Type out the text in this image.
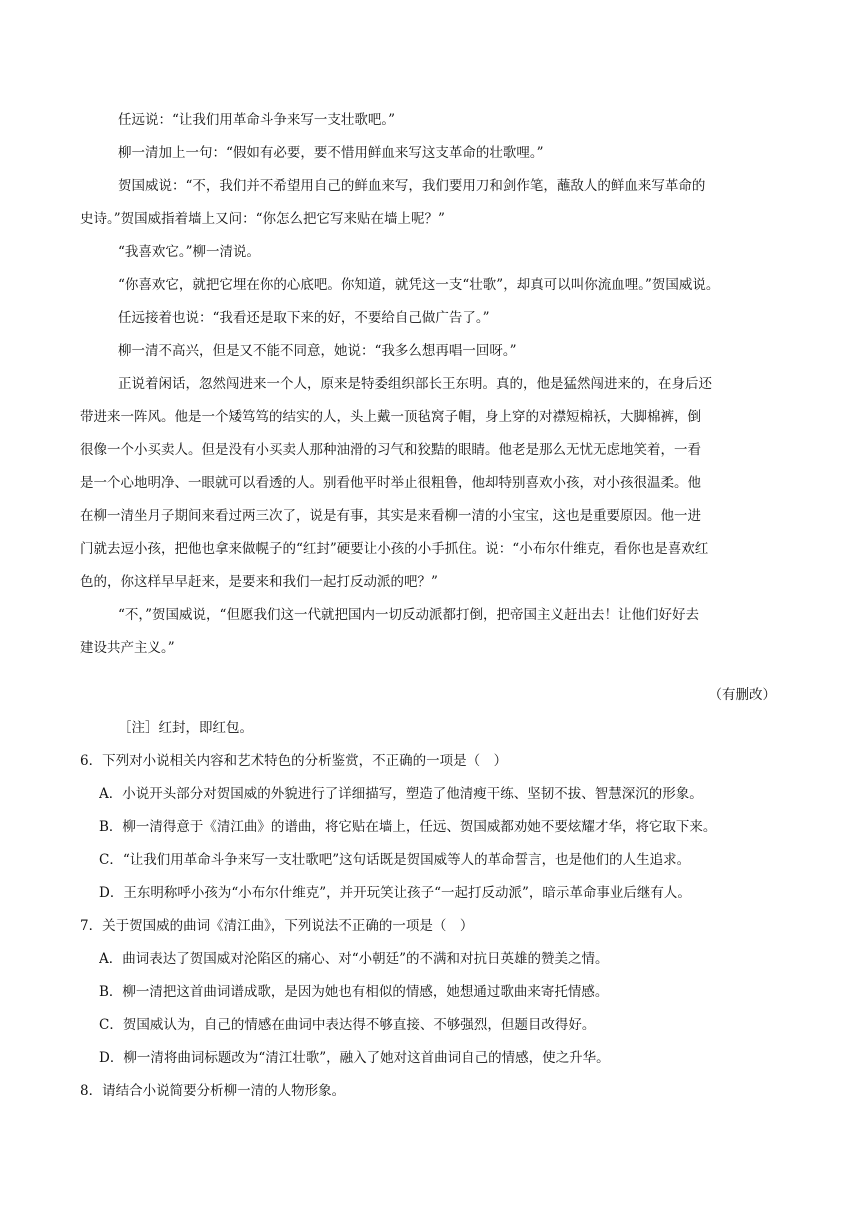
任远说：“让我们用革命斗争来写一支壮歌吧。”
柳一清加上一句：“假如有必要，要不惜用鲜血来写这支革命的壮歌哩。”
贺国威说：“不，我们并不希望用自己的鲜血来写，我们要用刀和剑作笔，蘸敌人的鲜血来写革命的
史诗。”贺国威指着墙上又问：“你怎么把它写来贴在墙上呢？”
“我喜欢它。”柳一清说。
“你喜欢它，就把它埋在你的心底吧。你知道，就凭这一支“壮歌”，却真可以叫你流血哩。”贺国威说。
任远接着也说：“我看还是取下来的好，不要给自己做广告了。”
柳一清不高兴，但是又不能不同意，她说：“我多么想再唱一回呀。”
正说着闲话，忽然闯进来一个人，原来是特委组织部长王东明。真的，他是猛然闯进来的，在身后还
带进来一阵风。他是一个矮笃笃的结实的人，头上戴一顶毡窝子帽，身上穿的对襟短棉袄，大脚棉裤，倒
很像一个小买卖人。但是没有小买卖人那种油滑的习气和狡黠的眼睛。他老是那么无忧无虑地笑着，一看
是一个心地明净、一眼就可以看透的人。别看他平时举止很粗鲁，他却特别喜欢小孩，对小孩很温柔。他
在柳一清坐月子期间来看过两三次了，说是有事，其实是来看柳一清的小宝宝，这也是重要原因。他一进
门就去逗小孩，把他也拿来做幌子的“红封”硬要让小孩的小手抓住。说：“小布尔什维克，看你也是喜欢红
色的，你这样早早赶来，是要来和我们一起打反动派的吧？”
“不，”贺国威说，“但愿我们这一代就把国内一切反动派都打倒，把帝国主义赶出去！让他们好好去
建设共产主义。”
（有删改）
［注］红封，即红包。
6．下列对小说相关内容和艺术特色的分析鉴赏，不正确的一项是（　）
A．小说开头部分对贺国威的外貌进行了详细描写，塑造了他清瘦干练、坚韧不拔、智慧深沉的形象。
B．柳一清得意于《清江曲》的谱曲，将它贴在墙上，任远、贺国威都劝她不要炫耀才华，将它取下来。
C．“让我们用革命斗争来写一支壮歌吧”这句话既是贺国威等人的革命誓言，也是他们的人生追求。
D．王东明称呼小孩为“小布尔什维克”，并开玩笑让孩子“一起打反动派”，暗示革命事业后继有人。
7．关于贺国威的曲词《清江曲》，下列说法不正确的一项是（　）
A．曲词表达了贺国威对沦陷区的痛心、对“小朝廷”的不满和对抗日英雄的赞美之情。
B．柳一清把这首曲词谱成歌，是因为她也有相似的情感，她想通过歌曲来寄托情感。
C．贺国威认为，自己的情感在曲词中表达得不够直接、不够强烈，但题目改得好。
D．柳一清将曲词标题改为“清江壮歌”，融入了她对这首曲词自己的情感，使之升华。
8．请结合小说简要分析柳一清的人物形象。
